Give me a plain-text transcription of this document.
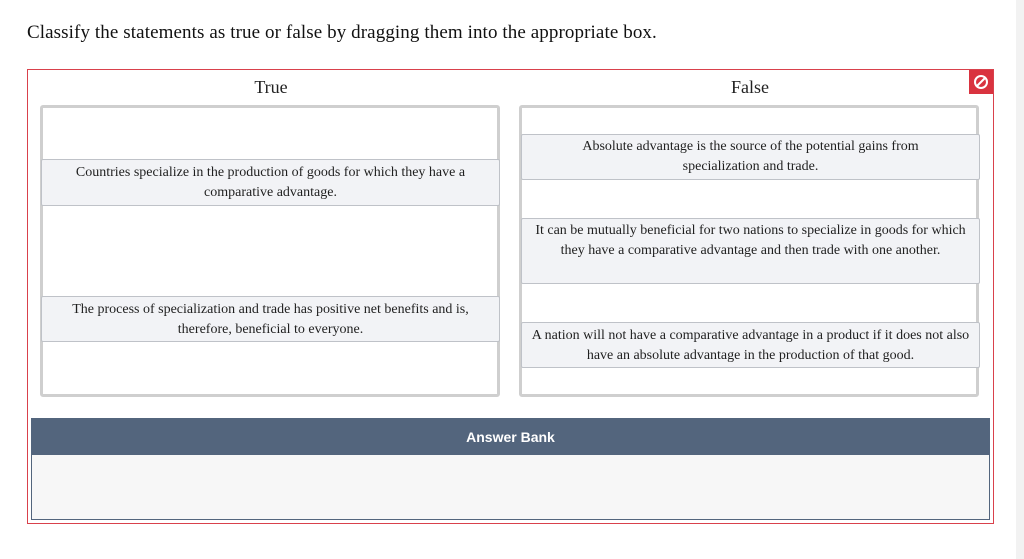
Classify the statements as true or false by dragging them into the appropriate box.
True
Countries specialize in the production of goods for which they have a comparative advantage.
The process of specialization and trade has positive net benefits and is, therefore, beneficial to everyone.
False
Absolute advantage is the source of the potential gains from specialization and trade.
It can be mutually beneficial for two nations to specialize in goods for which they have a comparative advantage and then trade with one another.
A nation will not have a comparative advantage in a product if it does not also have an absolute advantage in the production of that good.
Answer Bank
